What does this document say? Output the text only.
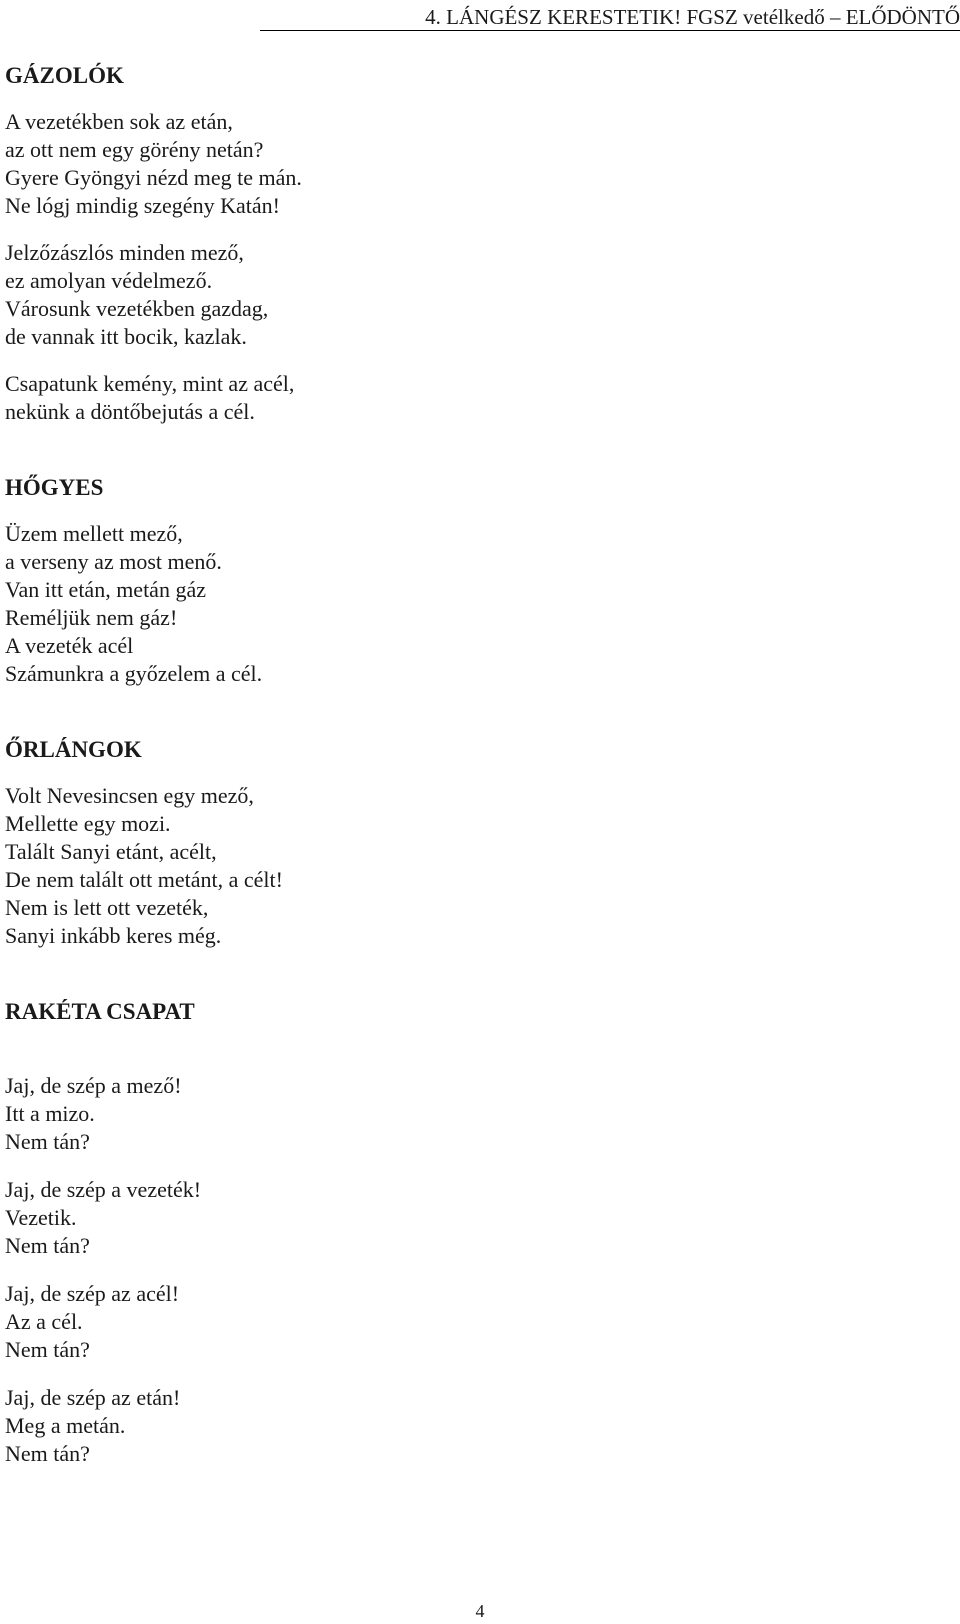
4. LÁNGÉSZ KERESTETIK! FGSZ vetélkedő – ELŐDÖNTŐ
GÁZOLÓK
A vezetékben sok az etán,
az ott nem egy görény netán?
Gyere Gyöngyi nézd meg te mán.
Ne lógj mindig szegény Katán!
Jelzőzászlós minden mező,
ez amolyan védelmező.
Városunk vezetékben gazdag,
de vannak itt bocik, kazlak.
Csapatunk kemény, mint az acél,
nekünk a döntőbejutás a cél.
HŐGYES
Üzem mellett mező,
a verseny az most menő.
Van itt etán, metán gáz
Reméljük nem gáz!
A vezeték acél
Számunkra a győzelem a cél.
ŐRLÁNGOK
Volt Nevesincsen egy mező,
Mellette egy mozi.
Talált Sanyi etánt, acélt,
De nem talált ott metánt, a célt!
Nem is lett ott vezeték,
Sanyi inkább keres még.
RAKÉTA CSAPAT
Jaj, de szép a mező!
Itt a mizo.
Nem tán?
Jaj, de szép a vezeték!
Vezetik.
Nem tán?
Jaj, de szép az acél!
Az a cél.
Nem tán?
Jaj, de szép az etán!
Meg a metán.
Nem tán?
4
